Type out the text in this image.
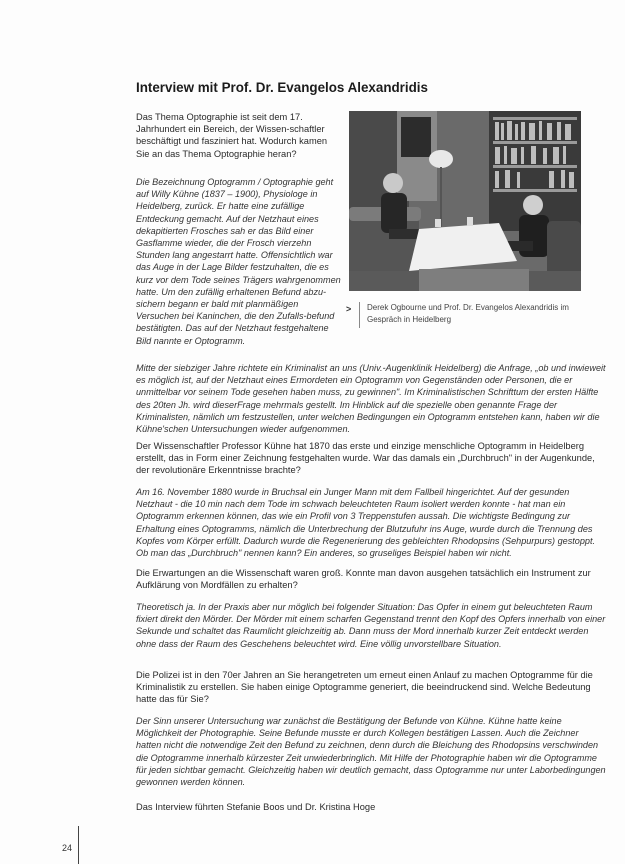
Interview mit Prof. Dr. Evangelos Alexandridis

Das Thema Optographie ist seit dem 17. Jahrhundert ein Bereich, der Wissen-schaftler beschäftigt und fasziniert hat. Wodurch kamen Sie an das Thema Optographie heran?

Die Bezeichnung Optogramm / Optographie geht auf Willy Kühne (1837 – 1900), Physiologe in Heidelberg, zurück. Er hatte eine zufällige Entdeckung gemacht. Auf der Netzhaut eines dekapitierten Frosches sah er das Bild einer Gasflamme wieder, die der Frosch vierzehn Stunden lang angestarrt hatte. Offensichtlich war das Auge in der Lage Bilder festzuhalten, die es kurz vor dem Tode seines Trägers wahrgenommen hatte. Um den zufällig erhaltenen Befund abzu-sichern begann er bald mit planmäßigen Versuchen bei Kaninchen, die den Zufalls-befund bestätigten. Das auf der Netzhaut festgehaltene Bild nannte er Optogramm.

> Derek Ogbourne und Prof. Dr. Evangelos Alexandridis im Gespräch in Heidelberg

Mitte der siebziger Jahre richtete ein Kriminalist an uns (Univ.-Augenklinik Heidelberg) die Anfrage, „ob und inwieweit es möglich ist, auf der Netzhaut eines Ermordeten ein Optogramm von Gegenständen oder Personen, die er unmittelbar vor seinem Tode gesehen haben muss, zu gewinnen". Im Kriminalistischen Schrifttum der ersten Hälfte des 20ten Jh. wird dieserFrage mehrmals gestellt. Im Hinblick auf die spezielle oben genannte Frage der Kriminalisten, nämlich um festzustellen, unter welchen Bedingungen ein Optogramm entstehen kann, haben wir die Kühne'schen Untersuchungen wieder aufgenommen.

Der Wissenschaftler Professor Kühne hat 1870 das erste und einzige menschliche Optogramm in Heidelberg erstellt, das in Form einer Zeichnung festgehalten wurde. War das damals ein „Durchbruch" in der Augenkunde, der revolutionäre Erkenntnisse brachte?

Am 16. November 1880 wurde in Bruchsal ein Junger Mann mit dem Fallbeil hingerichtet. Auf der gesunden Netzhaut - die 10 min nach dem Tode im schwach beleuchteten Raum isoliert werden konnte - hat man ein Optogramm erkennen können, das wie ein Profil von 3 Treppenstufen aussah. Die wichtigste Bedingung zur Erhaltung eines Optogramms, nämlich die Unterbrechung der Blutzufuhr ins Auge, wurde durch die Trennung des Kopfes vom Körper erfüllt. Dadurch wurde die Regenerierung des gebleichten Rhodopsins (Sehpurpurs) gestoppt. Ob man das „Durchbruch" nennen kann? Ein anderes, so gruseliges Beispiel haben wir nicht.

Die Erwartungen an die Wissenschaft waren groß. Konnte man davon ausgehen tatsächlich ein Instrument zur Aufklärung von Mordfällen zu erhalten?

Theoretisch ja. In der Praxis aber nur möglich bei folgender Situation: Das Opfer in einem gut beleuchteten Raum fixiert direkt den Mörder. Der Mörder mit einem scharfen Gegenstand trennt den Kopf des Opfers innerhalb von einer Sekunde und schaltet das Raumlicht gleichzeitig ab. Dann muss der Mord innerhalb kurzer Zeit entdeckt werden ohne dass der Raum des Geschehens beleuchtet wird. Eine völlig unvorstellbare Situation.

Die Polizei ist in den 70er Jahren an Sie herangetreten um erneut einen Anlauf zu machen Optogramme für die Kriminalistik zu erstellen. Sie haben einige Optogramme generiert, die beeindruckend sind. Welche Bedeutung hatte das für Sie?

Der Sinn unserer Untersuchung war zunächst die Bestätigung der Befunde von Kühne. Kühne hatte keine Möglichkeit der Photographie. Seine Befunde musste er durch Kollegen bestätigen Lassen. Auch die Zeichner hatten nicht die notwendige Zeit den Befund zu zeichnen, denn durch die Bleichung des Rhodopsins verschwinden die Optogramme innerhalb kürzester Zeit unwiederbringlich. Mit Hilfe der Photographie haben wir die Optogramme für jeden sichtbar gemacht. Gleichzeitig haben wir deutlich gemacht, dass Optogramme nur unter Laborbedingungen gewonnen werden können.

Das Interview führten Stefanie Boos und Dr. Kristina Hoge

24
